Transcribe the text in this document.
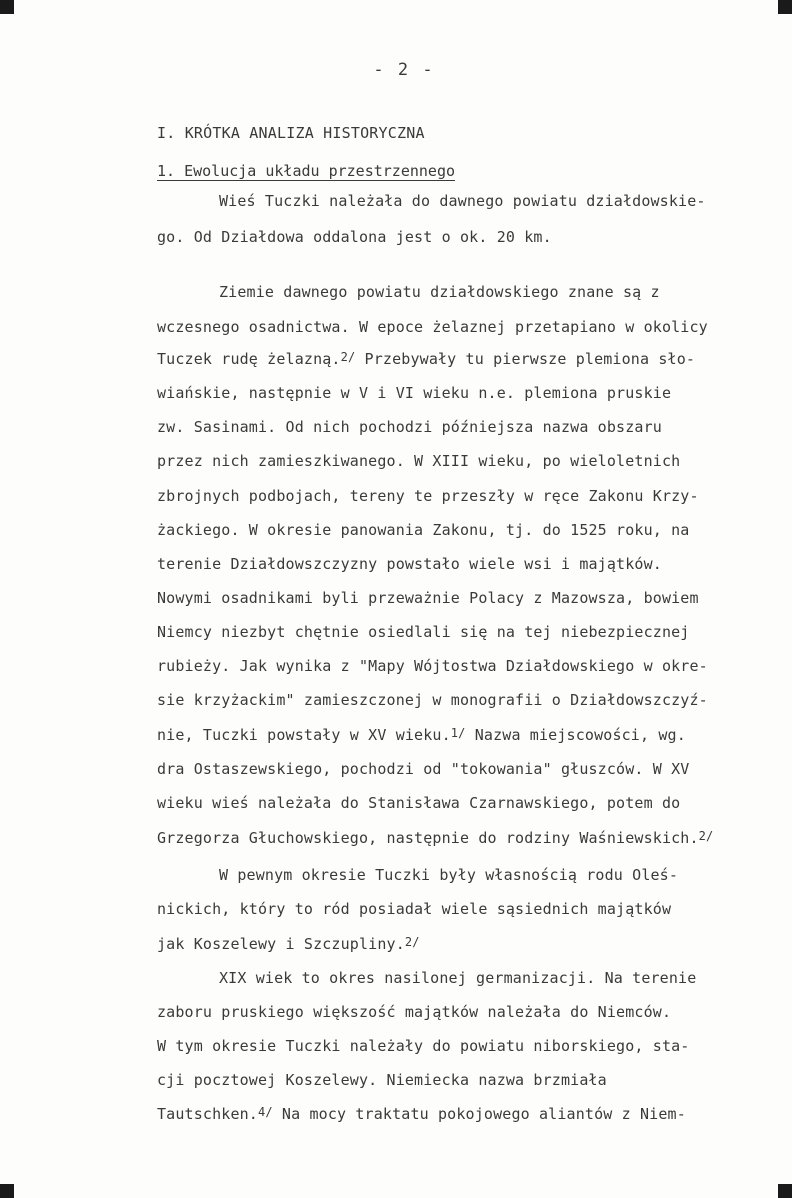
- 2 -
I. KRÓTKA ANALIZA HISTORYCZNA
1. Ewolucja układu przestrzennego
Wieś Tuczki należała do dawnego powiatu działdowskie-
go. Od Działdowa oddalona jest o ok. 20 km.
Ziemie dawnego powiatu działdowskiego znane są z
wczesnego osadnictwa. W epoce żelaznej przetapiano w okolicy
Tuczek rudę żelazną.$^{2/}$ Przebywały tu pierwsze plemiona sło-
wiańskie, następnie w V i VI wieku n.e. plemiona pruskie
zw. Sasinami. Od nich pochodzi późniejsza nazwa obszaru
przez nich zamieszkiwanego. W XIII wieku, po wieloletnich
zbrojnych podbojach, tereny te przeszły w ręce Zakonu Krzy-
żackiego. W okresie panowania Zakonu, tj. do 1525 roku, na
terenie Działdowszczyzny powstało wiele wsi i majątków.
Nowymi osadnikami byli przeważnie Polacy z Mazowsza, bowiem
Niemcy niezbyt chętnie osiedlali się na tej niebezpiecznej
rubieży. Jak wynika z "Mapy Wójtostwa Działdowskiego w okre-
sie krzyżackim" zamieszczonej w monografii o Działdowszczyź-
nie, Tuczki powstały w XV wieku.$^{1/}$ Nazwa miejscowości, wg.
dra Ostaszewskiego, pochodzi od "tokowania" głuszców. W XV
wieku wieś należała do Stanisława Czarnawskiego, potem do
Grzegorza Głuchowskiego, następnie do rodziny Waśniewskich.$^{2/}$
W pewnym okresie Tuczki były własnością rodu Oleś-
nickich, który to ród posiadał wiele sąsiednich majątków
jak Koszelewy i Szczupliny.$^{2/}$
XIX wiek to okres nasilonej germanizacji. Na terenie
zaboru pruskiego większość majątków należała do Niemców.
W tym okresie Tuczki należały do powiatu niborskiego, sta-
cji pocztowej Koszelewy. Niemiecka nazwa brzmiała
Tautschken.$^{4/}$ Na mocy traktatu pokojowego aliantów z Niem-
